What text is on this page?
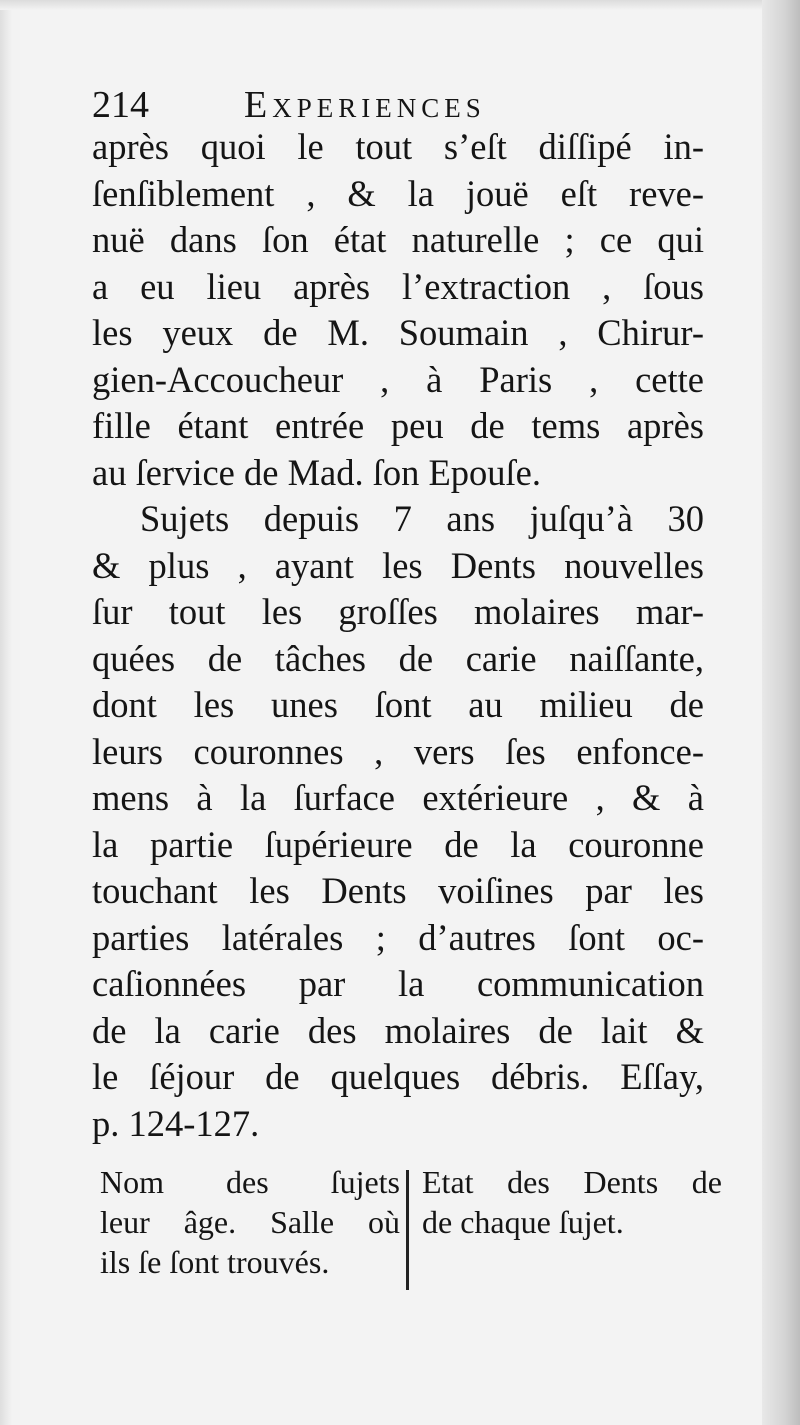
214	Experiences
après quoi le tout s’eſt diſſipé in-
ſenſiblement , & la jouë eſt reve-
nuë dans ſon état naturelle ; ce qui
a eu lieu après l’extraction , ſous
les yeux de M. Soumain , Chirur-
gien-Accoucheur , à Paris , cette
fille étant entrée peu de tems après
au ſervice de Mad. ſon Epouſe.
Sujets depuis 7 ans juſqu’à 30
& plus , ayant les Dents nouvelles
ſur tout les groſſes molaires mar-
quées de tâches de carie naiſſante,
dont les unes ſont au milieu de
leurs couronnes , vers ſes enfonce-
mens à la ſurface extérieure , & à
la partie ſupérieure de la couronne
touchant les Dents voiſines par les
parties latérales ; d’autres ſont oc-
caſionnées par la communication
de la carie des molaires de lait &
le ſéjour de quelques débris. Eſſay,
p. 124-127.
Nom des ſujets
leur âge. Salle où
ils ſe ſont trouvés.
Etat des Dents de
de chaque ſujet.
